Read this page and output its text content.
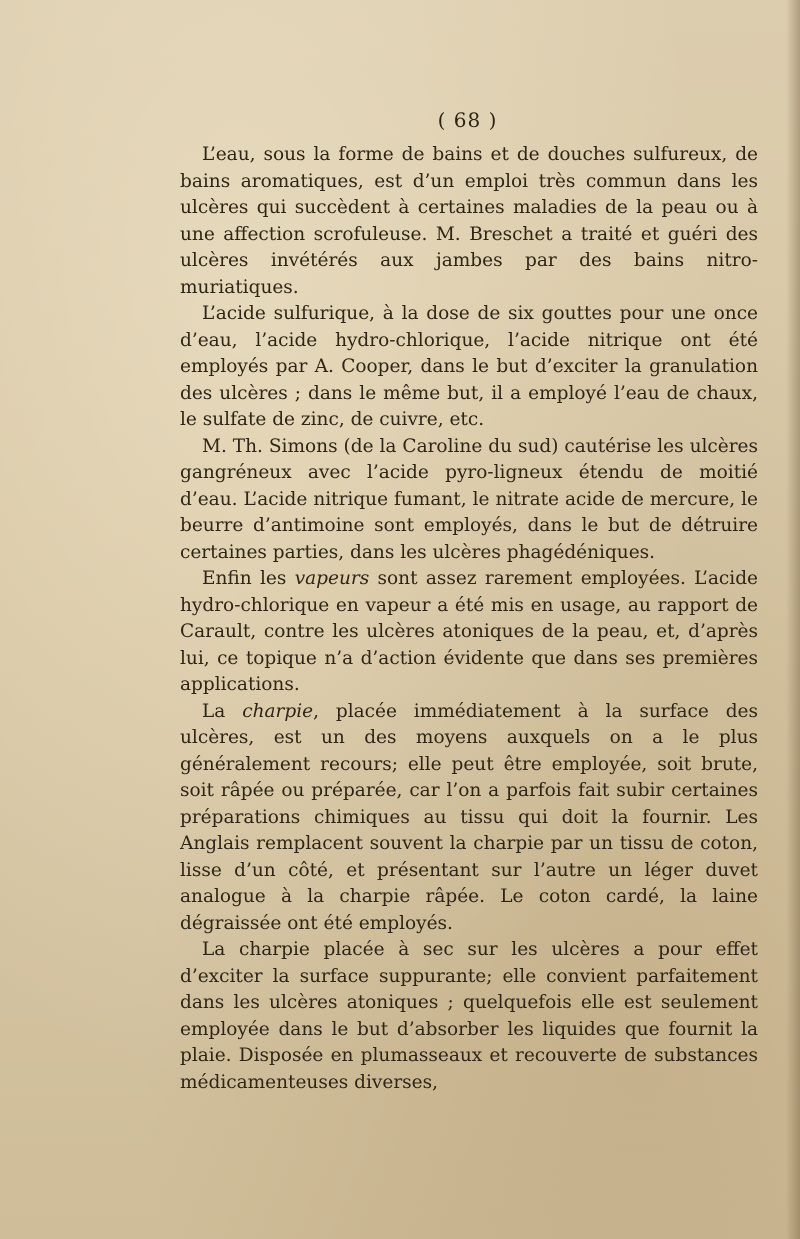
( 68 )

L’eau, sous la forme de bains et de douches sulfureux, de bains aromatiques, est d’un emploi très commun dans les ulcères qui succèdent à certaines maladies de la peau ou à une affection scrofuleuse. M. Breschet a traité et guéri des ulcères invétérés aux jambes par des bains nitro-muriatiques.

L’acide sulfurique, à la dose de six gouttes pour une once d’eau, l’acide hydro-chlorique, l’acide nitrique ont été employés par A. Cooper, dans le but d’exciter la granulation des ulcères ; dans le même but, il a employé l’eau de chaux, le sulfate de zinc, de cuivre, etc.

M. Th. Simons (de la Caroline du sud) cautérise les ulcères gangréneux avec l’acide pyro-ligneux étendu de moitié d’eau. L’acide nitrique fumant, le nitrate acide de mercure, le beurre d’antimoine sont employés, dans le but de détruire certaines parties, dans les ulcères phagédéniques.

Enfin les vapeurs sont assez rarement employées. L’acide hydro-chlorique en vapeur a été mis en usage, au rapport de Carault, contre les ulcères atoniques de la peau, et, d’après lui, ce topique n’a d’action évidente que dans ses premières applications.

La charpie, placée immédiatement à la surface des ulcères, est un des moyens auxquels on a le plus généralement recours; elle peut être employée, soit brute, soit râpée ou préparée, car l’on a parfois fait subir certaines préparations chimiques au tissu qui doit la fournir. Les Anglais remplacent souvent la charpie par un tissu de coton, lisse d’un côté, et présentant sur l’autre un léger duvet analogue à la charpie râpée. Le coton cardé, la laine dégraissée ont été employés.

La charpie placée à sec sur les ulcères a pour effet d’exciter la surface suppurante; elle convient parfaitement dans les ulcères atoniques ; quelquefois elle est seulement employée dans le but d’absorber les liquides que fournit la plaie. Disposée en plumasseaux et recouverte de substances médicamenteuses diverses,
